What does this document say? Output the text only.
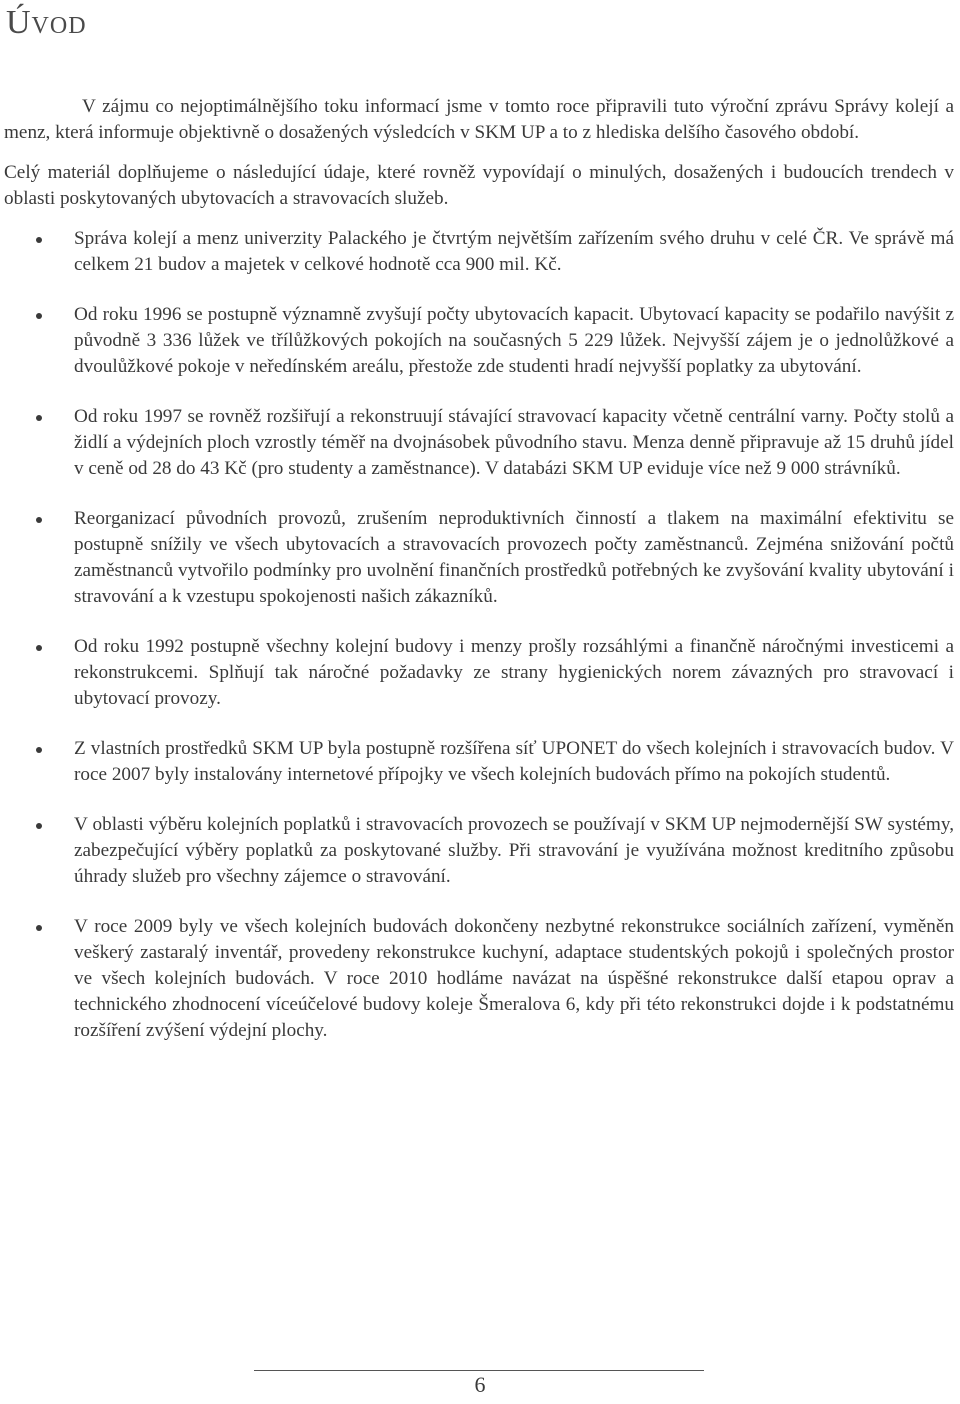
Úvod

V zájmu co nejoptimálnějšího toku informací jsme v tomto roce připravili tuto výroční zprávu Správy kolejí a menz, která informuje objektivně o dosažených výsledcích v SKM UP a to z hlediska delšího časového období.

Celý materiál doplňujeme o následující údaje, které rovněž vypovídají o minulých, dosažených i budoucích trendech v oblasti poskytovaných ubytovacích a stravovacích služeb.

Správa kolejí a menz univerzity Palackého je čtvrtým největším zařízením svého druhu v celé ČR. Ve správě má celkem 21 budov a majetek v celkové hodnotě cca 900 mil. Kč.
Od roku 1996 se postupně významně zvyšují počty ubytovacích kapacit. Ubytovací kapacity se podařilo navýšit z původně 3 336 lůžek ve třílůžkových pokojích na současných 5 229 lůžek. Nejvyšší zájem je o jednolůžkové a dvoulůžkové pokoje v neředínském areálu, přestože zde studenti hradí nejvyšší poplatky za ubytování.
Od roku 1997 se rovněž rozšiřují a rekonstruují stávající stravovací kapacity včetně centrální varny. Počty stolů a židlí a výdejních ploch vzrostly téměř na dvojnásobek původního stavu. Menza denně připravuje až 15 druhů jídel v ceně od 28 do 43 Kč (pro studenty a zaměstnance). V databázi SKM UP eviduje více než 9 000 strávníků.
Reorganizací původních provozů, zrušením neproduktivních činností a tlakem na maximální efektivitu se postupně snížily ve všech ubytovacích a stravovacích provozech počty zaměstnanců. Zejména snižování počtů zaměstnanců vytvořilo podmínky pro uvolnění finančních prostředků potřebných ke zvyšování kvality ubytování i stravování a k vzestupu spokojenosti našich zákazníků.
Od roku 1992 postupně všechny kolejní budovy i menzy prošly rozsáhlými a finančně náročnými investicemi a rekonstrukcemi. Splňují tak náročné požadavky ze strany hygienických norem závazných pro stravovací i ubytovací provozy.
Z vlastních prostředků SKM UP byla postupně rozšířena síť UPONET do všech kolejních i stravovacích budov. V roce 2007 byly instalovány internetové přípojky ve všech kolejních budovách přímo na pokojích studentů.
V oblasti výběru kolejních poplatků i stravovacích provozech se používají v SKM UP nejmodernější SW systémy, zabezpečující výběry poplatků za poskytované služby. Při stravování je využívána možnost kreditního způsobu úhrady služeb pro všechny zájemce o stravování.
V roce 2009 byly ve všech kolejních budovách dokončeny nezbytné rekonstrukce sociálních zařízení, vyměněn veškerý zastaralý inventář, provedeny rekonstrukce kuchyní, adaptace studentských pokojů i společných prostor ve všech kolejních budovách. V roce 2010 hodláme navázat na úspěšné rekonstrukce další etapou oprav a technického zhodnocení víceúčelové budovy koleje Šmeralova 6, kdy při této rekonstrukci dojde i k podstatnému rozšíření zvýšení výdejní plochy.
6
